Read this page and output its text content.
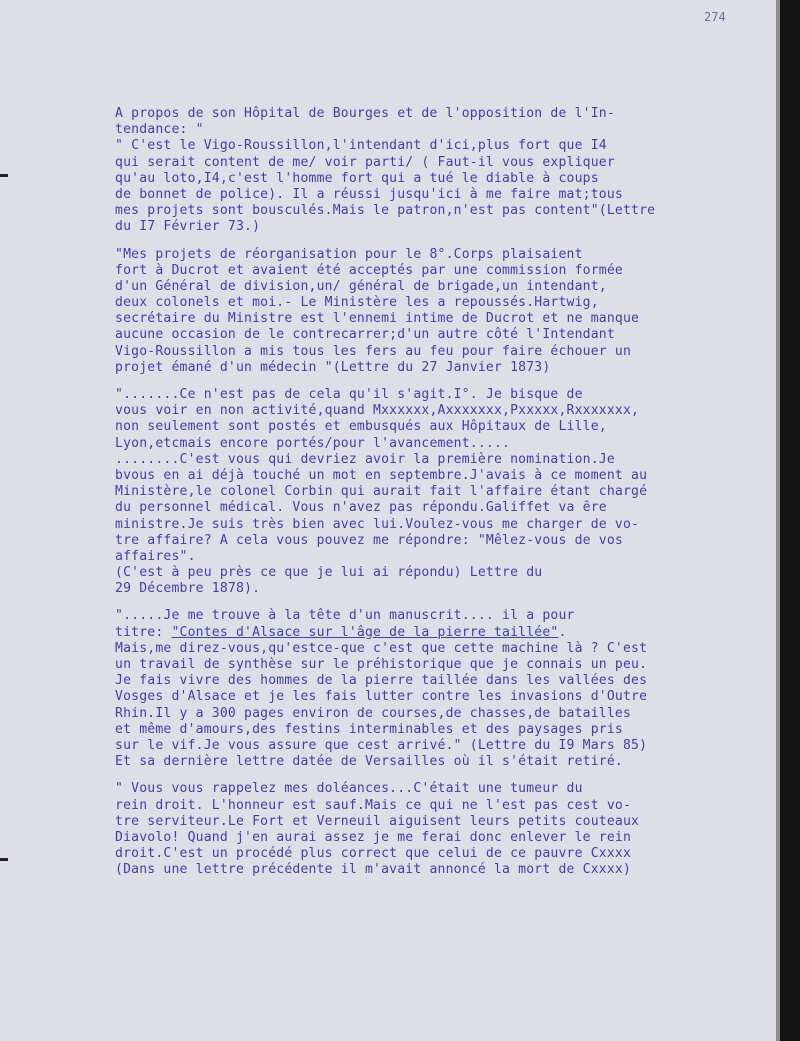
274
A propos de son Hôpital de Bourges et de l'opposition de l'In-
tendance: "
" C'est le Vigo-Roussillon,l'intendant d'ici,plus fort que I4
qui serait content de me/ voir parti/ ( Faut-il vous expliquer
qu'au loto,I4,c'est l'homme fort qui a tué le diable à coups
de bonnet de police). Il a réussi jusqu'ici à me faire mat;tous
mes projets sont bousculés.Mais le patron,n'est pas content"(Lettre
du I7 Février 73.)
"Mes projets de réorganisation pour le 8°.Corps plaisaient
fort à Ducrot et avaient été acceptés par une commission formée
d'un Général de division,un/ général de brigade,un intendant,
deux colonels et moi.- Le Ministère les a repoussés.Hartwig,
secrétaire du Ministre est l'ennemi intime de Ducrot et ne manque
aucune occasion de le contrecarrer;d'un autre côté l'Intendant
Vigo-Roussillon a mis tous les fers au feu pour faire échouer un
projet émané d'un médecin "(Lettre du 27 Janvier 1873)
".......Ce n'est pas de cela qu'il s'agit.I°. Je bisque de
vous voir en non activité,quand Mxxxxxx,Axxxxxxx,Pxxxxx,Rxxxxxxx,
non seulement sont postés et embusqués aux Hôpitaux de Lille,
Lyon,etcmais encore portés/pour l'avancement.....
........C'est vous qui devriez avoir la première nomination.Je
bvous en ai déjà touché un mot en septembre.J'avais à ce moment au
Ministère,le colonel Corbin qui aurait fait l'affaire étant chargé
du personnel médical. Vous n'avez pas répondu.Galiffet va ȇre
ministre.Je suis très bien avec lui.Voulez-vous me charger de vo-
tre affaire? A cela vous pouvez me répondre: "Mêlez-vous de vos
affaires".
(C'est à peu près ce que je lui ai répondu) Lettre du
29 Décembre 1878).
".....Je me trouve à la tête d'un manuscrit.... il a pour
titre: "Contes d'Alsace sur l'âge de la pierre taillée".
Mais,me direz-vous,qu'estce-que c'est que cette machine là ? C'est
un travail de synthèse sur le préhistorique que je connais un peu.
Je fais vivre des hommes de la pierre taillée dans les vallées des
Vosges d'Alsace et je les fais lutter contre les invasions d'Outre
Rhin.Il y a 300 pages environ de courses,de chasses,de batailles
et même d'amours,des festins interminables et des paysages pris
sur le vif.Je vous assure que cest arrivé." (Lettre du I9 Mars 85)
Et sa dernière lettre datée de Versailles où il s'était retiré.
" Vous vous rappelez mes doléances...C'était une tumeur du
rein droit. L'honneur est sauf.Mais ce qui ne l'est pas cest vo-
tre serviteur.Le Fort et Verneuil aiguisent leurs petits couteaux
Diavolo! Quand j'en aurai assez je me ferai donc enlever le rein
droit.C'est un procédé plus correct que celui de ce pauvre Cxxxx
(Dans une lettre précédente il m'avait annoncé la mort de Cxxxx)
